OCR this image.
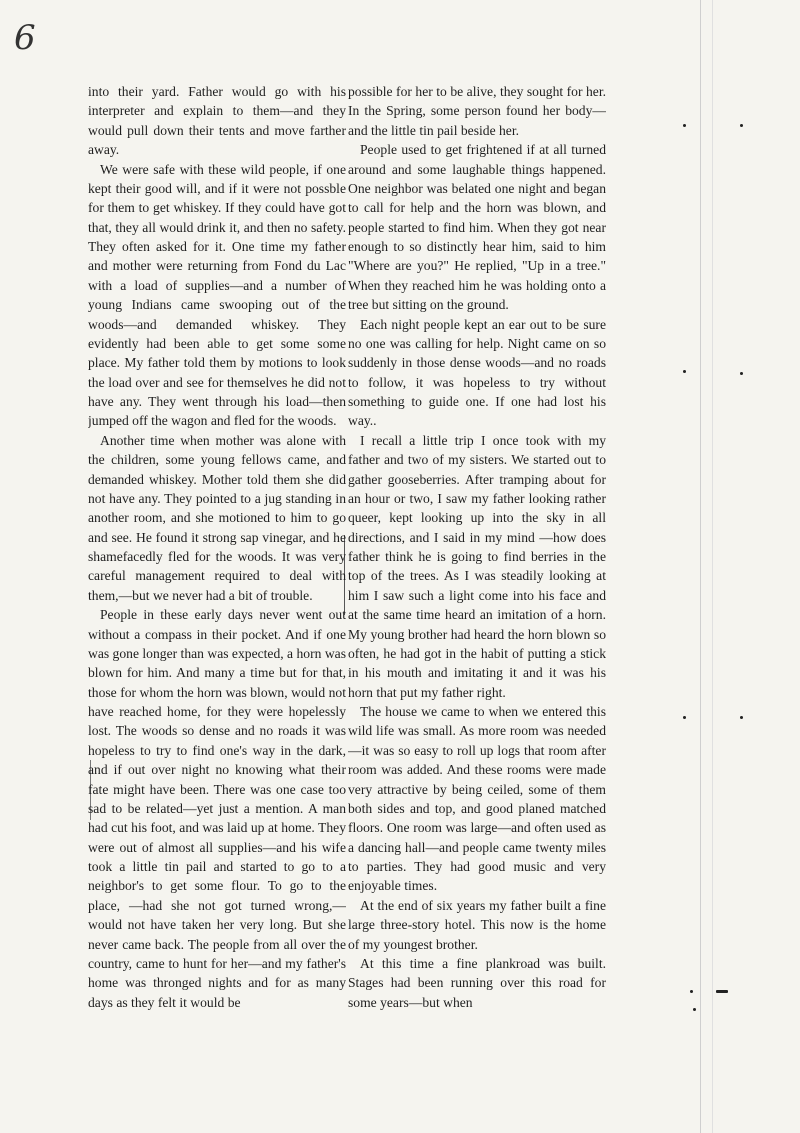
6

into their yard. Father would go with his interpreter and explain to them—and they would pull down their tents and move farther away.

We were safe with these wild people, if one kept their good will, and if it were not possble for them to get whiskey. If they could have got that, they all would drink it, and then no safety. They often asked for it. One time my father and mother were returning from Fond du Lac with a load of supplies—and a number of young Indians came swooping out of the woods—and demanded whiskey. They evidently had been able to get some some place. My father told them by motions to look the load over and see for themselves he did not have any. They went through his load—then jumped off the wagon and fled for the woods.

Another time when mother was alone with the children, some young fellows came, and demanded whiskey. Mother told them she did not have any. They pointed to a jug standing in another room, and she motioned to him to go and see. He found it strong sap vinegar, and he shamefacedly fled for the woods. It was very careful management required to deal with them,—but we never had a bit of trouble.

People in these early days never went out without a compass in their pocket. And if one was gone longer than was expected, a horn was blown for him. And many a time but for that, those for whom the horn was blown, would not have reached home, for they were hopelessly lost. The woods so dense and no roads it was hopeless to try to find one's way in the dark, and if out over night no knowing what their fate might have been. There was one case too sad to be related—yet just a mention. A man had cut his foot, and was laid up at home. They were out of almost all supplies—and his wife took a little tin pail and started to go to a neighbor's to get some flour. To go to the place, —had she not got turned wrong,— would not have taken her very long. But she never came back. The people from all over the country, came to hunt for her—and my father's home was thronged nights and for as many days as they felt it would be

possible for her to be alive, they sought for her. In the Spring, some person found her body—and the little tin pail beside her.

People used to get frightened if at all turned around and some laughable things happened. One neighbor was belated one night and began to call for help and the horn was blown, and people started to find him. When they got near enough to so distinctly hear him, said to him "Where are you?" He replied, "Up in a tree." When they reached him he was holding onto a tree but sitting on the ground.

Each night people kept an ear out to be sure no one was calling for help. Night came on so suddenly in those dense woods—and no roads to follow, it was hopeless to try without something to guide one. If one had lost his way..

I recall a little trip I once took with my father and two of my sisters. We started out to gather gooseberries. After tramping about for an hour or two, I saw my father looking rather queer, kept looking up into the sky in all directions, and I said in my mind —how does father think he is going to find berries in the top of the trees. As I was steadily looking at him I saw such a light come into his face and at the same time heard an imitation of a horn. My young brother had heard the horn blown so often, he had got in the habit of putting a stick in his mouth and imitating it and it was his horn that put my father right.

The house we came to when we entered this wild life was small. As more room was needed—it was so easy to roll up logs that room after room was added. And these rooms were made very attractive by being ceiled, some of them both sides and top, and good planed matched floors. One room was large—and often used as a dancing hall—and people came twenty miles to parties. They had good music and very enjoyable times.

At the end of six years my father built a fine large three-story hotel. This now is the home of my youngest brother.

At this time a fine plankroad was built. Stages had been running over this road for some years—but when
